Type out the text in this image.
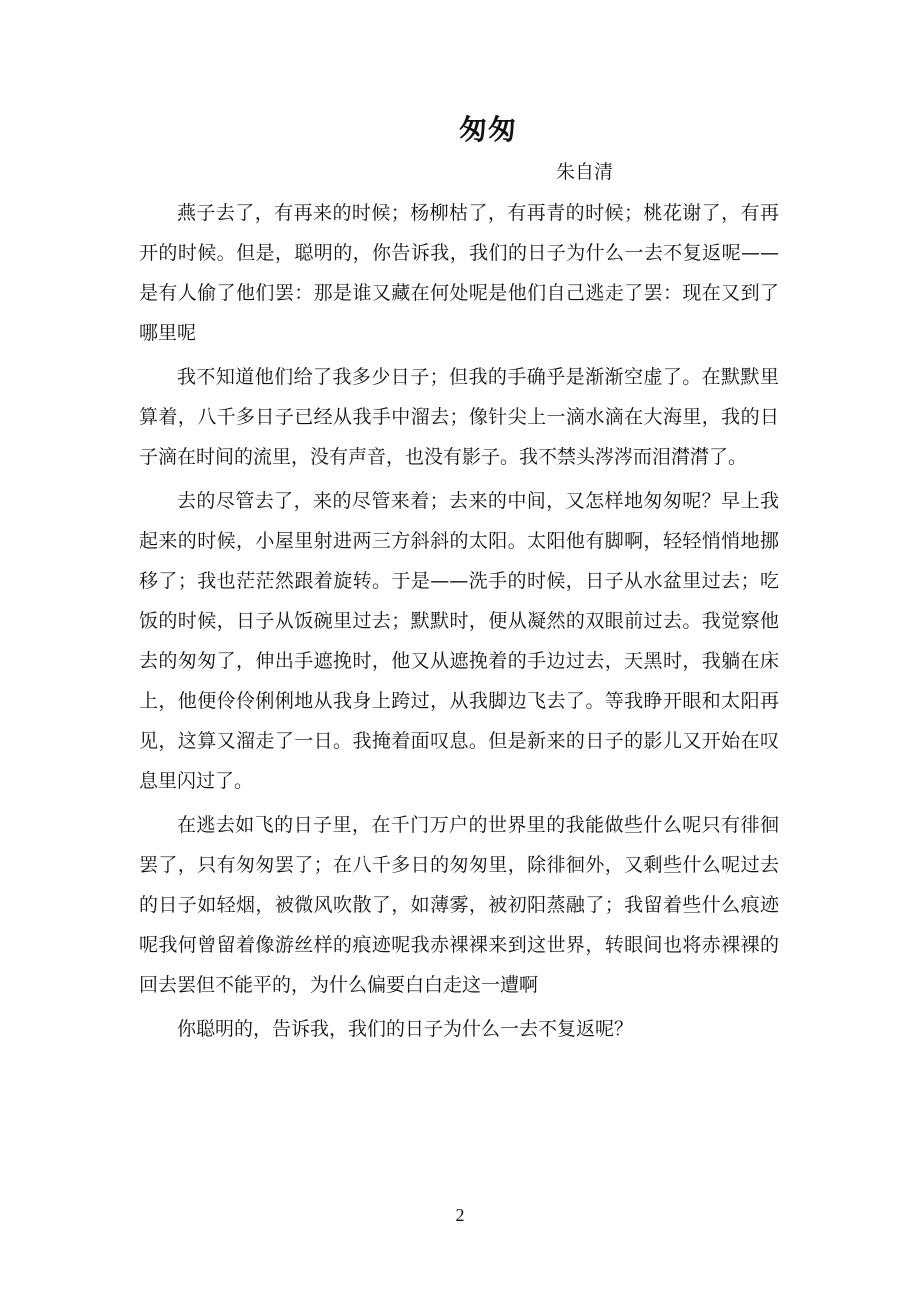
匆匆

朱自清

燕子去了，有再来的时候；杨柳枯了，有再青的时候；桃花谢了，有再开的时候。但是，聪明的，你告诉我，我们的日子为什么一去不复返呢——是有人偷了他们罢：那是谁又藏在何处呢是他们自己逃走了罢：现在又到了哪里呢

我不知道他们给了我多少日子；但我的手确乎是渐渐空虚了。在默默里算着，八千多日子已经从我手中溜去；像针尖上一滴水滴在大海里，我的日子滴在时间的流里，没有声音，也没有影子。我不禁头涔涔而泪潸潸了。

去的尽管去了，来的尽管来着；去来的中间，又怎样地匆匆呢？早上我起来的时候，小屋里射进两三方斜斜的太阳。太阳他有脚啊，轻轻悄悄地挪移了；我也茫茫然跟着旋转。于是——洗手的时候，日子从水盆里过去；吃饭的时候，日子从饭碗里过去；默默时，便从凝然的双眼前过去。我觉察他去的匆匆了，伸出手遮挽时，他又从遮挽着的手边过去，天黑时，我躺在床上，他便伶伶俐俐地从我身上跨过，从我脚边飞去了。等我睁开眼和太阳再见，这算又溜走了一日。我掩着面叹息。但是新来的日子的影儿又开始在叹息里闪过了。

在逃去如飞的日子里，在千门万户的世界里的我能做些什么呢只有徘徊罢了，只有匆匆罢了；在八千多日的匆匆里，除徘徊外，又剩些什么呢过去的日子如轻烟，被微风吹散了，如薄雾，被初阳蒸融了；我留着些什么痕迹呢我何曾留着像游丝样的痕迹呢我赤裸裸来到这世界，转眼间也将赤裸裸的回去罢但不能平的，为什么偏要白白走这一遭啊

你聪明的，告诉我，我们的日子为什么一去不复返呢？

2
